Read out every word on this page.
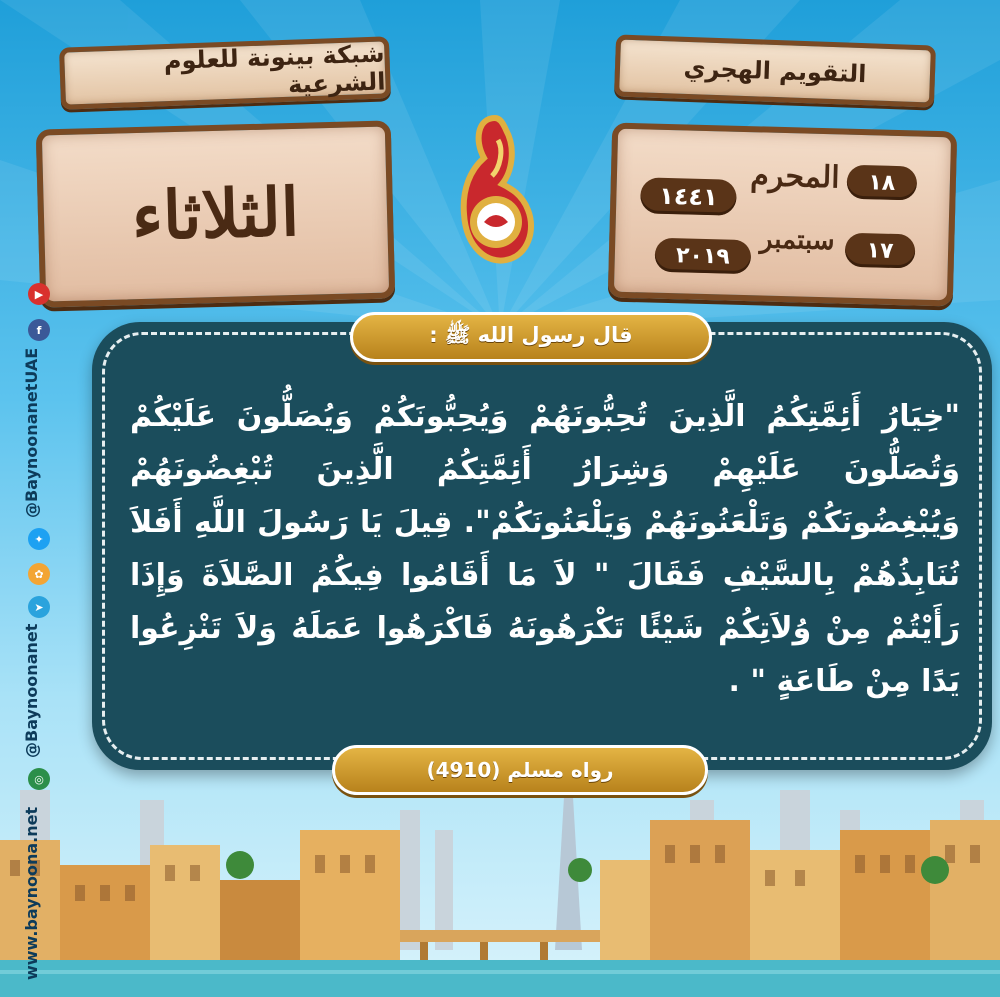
شبكة بينونة للعلوم الشرعية	التقويم الهجري
الثلاثاء	١٨
المحرم
١٤٤١
١٧
سبتمبر
٢٠١٩
▶
f
@BaynoonanetUAE
✦
✿
➤
@Baynoonanet
◎
www.baynoona.net
قال رسول الله ﷺ :
"خِيَارُ أَئِمَّتِكُمُ الَّذِينَ تُحِبُّونَهُمْ وَيُحِبُّونَكُمْ وَيُصَلُّونَ عَلَيْكُمْ وَتُصَلُّونَ عَلَيْهِمْ وَشِرَارُ أَئِمَّتِكُمُ الَّذِينَ تُبْغِضُونَهُمْ وَيُبْغِضُونَكُمْ وَتَلْعَنُونَهُمْ وَيَلْعَنُونَكُمْ". قِيلَ يَا رَسُولَ اللَّهِ أَفَلاَ نُنَابِذُهُمْ بِالسَّيْفِ فَقَالَ " لاَ مَا أَقَامُوا فِيكُمُ الصَّلاَةَ وَإِذَا رَأَيْتُمْ مِنْ وُلاَتِكُمْ شَيْئًا تَكْرَهُونَهُ فَاكْرَهُوا عَمَلَهُ وَلاَ تَنْزِعُوا يَدًا مِنْ طَاعَةٍ " .
رواه مسلم (4910)
